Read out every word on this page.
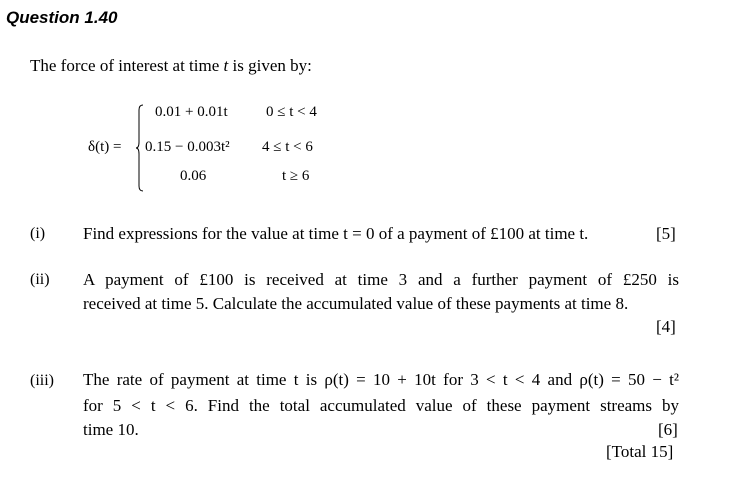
Question 1.40
The force of interest at time t is given by:
δ(t) =
0.01 + 0.01t	0 ≤ t < 4
0.15 − 0.003t² 4 ≤ t < 6
0.06	t ≥ 6
(i) Find expressions for the value at time t = 0 of a payment of £100 at time t.	[5]
(ii) A payment of £100 is received at time 3 and a further payment of £250 is
received at time 5. Calculate the accumulated value of these payments at time 8.
[4]
(iii) The rate of payment at time t is ρ(t) = 10 + 10t for 3 < t < 4 and ρ(t) = 50 − t²
for 5 < t < 6. Find the total accumulated value of these payment streams by
time 10.	[6]
[Total 15]
